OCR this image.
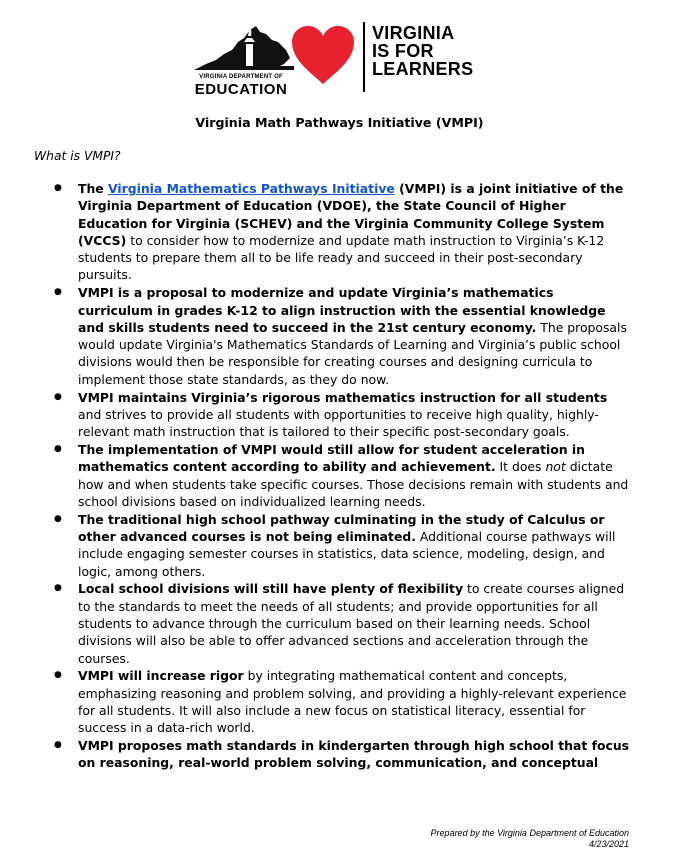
VIRGINIA DEPARTMENT OF
EDUCATION
VIRGINIA
IS FOR
LEARNERS
Virginia Math Pathways Initiative (VMPI)
What is VMPI?
● The Virginia Mathematics Pathways Initiative (VMPI) is a joint initiative of the Virginia Department of Education (VDOE), the State Council of Higher Education for Virginia (SCHEV) and the Virginia Community College System (VCCS) to consider how to modernize and update math instruction to Virginia’s K-12 students to prepare them all to be life ready and succeed in their post-secondary pursuits.
● VMPI is a proposal to modernize and update Virginia’s mathematics curriculum in grades K-12 to align instruction with the essential knowledge and skills students need to succeed in the 21st century economy. The proposals would update Virginia's Mathematics Standards of Learning and Virginia’s public school divisions would then be responsible for creating courses and designing curricula to implement those state standards, as they do now.
● VMPI maintains Virginia’s rigorous mathematics instruction for all students and strives to provide all students with opportunities to receive high quality, highly-relevant math instruction that is tailored to their specific post-secondary goals.
● The implementation of VMPI would still allow for student acceleration in mathematics content according to ability and achievement. It does not dictate how and when students take specific courses. Those decisions remain with students and school divisions based on individualized learning needs.
● The traditional high school pathway culminating in the study of Calculus or other advanced courses is not being eliminated. Additional course pathways will include engaging semester courses in statistics, data science, modeling, design, and logic, among others.
● Local school divisions will still have plenty of flexibility to create courses aligned to the standards to meet the needs of all students; and provide opportunities for all students to advance through the curriculum based on their learning needs. School divisions will also be able to offer advanced sections and acceleration through the courses.
● VMPI will increase rigor by integrating mathematical content and concepts, emphasizing reasoning and problem solving, and providing a highly-relevant experience for all students. It will also include a new focus on statistical literacy, essential for success in a data-rich world.
● VMPI proposes math standards in kindergarten through high school that focus on reasoning, real-world problem solving, communication, and conceptual
Prepared by the Virginia Department of Education
4/23/2021
